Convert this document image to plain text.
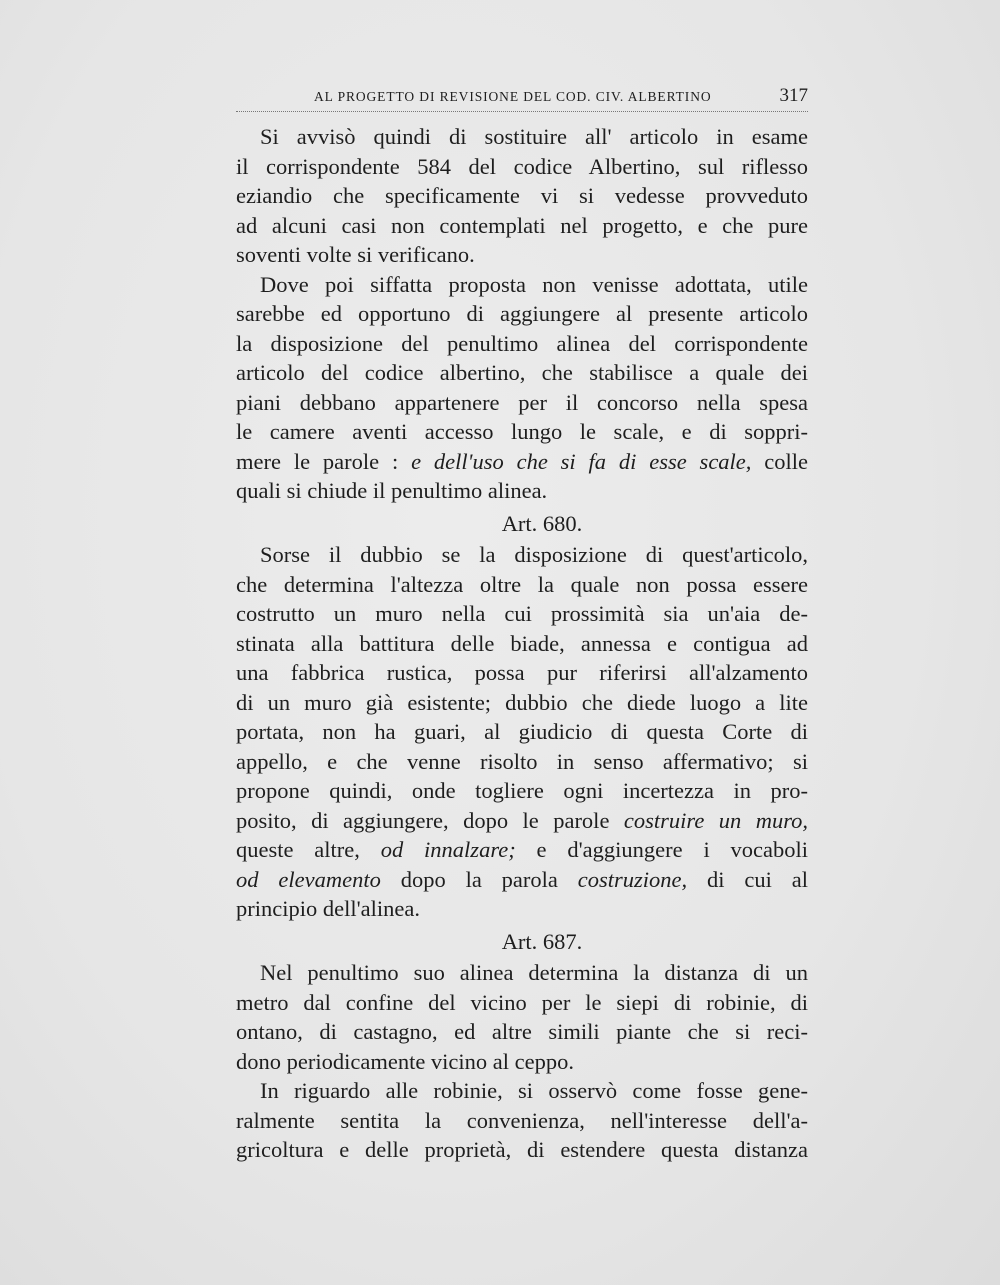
AL PROGETTO DI REVISIONE DEL COD. CIV. ALBERTINO	317
Si avvisò quindi di sostituire all' articolo in esame
il corrispondente 584 del codice Albertino, sul riflesso
eziandio che specificamente vi si vedesse provveduto
ad alcuni casi non contemplati nel progetto, e che pure
soventi volte si verificano.
Dove poi siffatta proposta non venisse adottata, utile
sarebbe ed opportuno di aggiungere al presente articolo
la disposizione del penultimo alinea del corrispondente
articolo del codice albertino, che stabilisce a quale dei
piani debbano appartenere per il concorso nella spesa
le camere aventi accesso lungo le scale, e di soppri-
mere le parole : e dell'uso che si fa di esse scale, colle
quali si chiude il penultimo alinea.
Art. 680.
Sorse il dubbio se la disposizione di quest'articolo,
che determina l'altezza oltre la quale non possa essere
costrutto un muro nella cui prossimità sia un'aia de-
stinata alla battitura delle biade, annessa e contigua ad
una fabbrica rustica, possa pur riferirsi all'alzamento
di un muro già esistente; dubbio che diede luogo a lite
portata, non ha guari, al giudicio di questa Corte di
appello, e che venne risolto in senso affermativo; si
propone quindi, onde togliere ogni incertezza in pro-
posito, di aggiungere, dopo le parole costruire un muro,
queste altre, od innalzare; e d'aggiungere i vocaboli
od elevamento dopo la parola costruzione, di cui al
principio dell'alinea.
Art. 687.
Nel penultimo suo alinea determina la distanza di un
metro dal confine del vicino per le siepi di robinie, di
ontano, di castagno, ed altre simili piante che si reci-
dono periodicamente vicino al ceppo.
In riguardo alle robinie, si osservò come fosse gene-
ralmente sentita la convenienza, nell'interesse dell'a-
gricoltura e delle proprietà, di estendere questa distanza
